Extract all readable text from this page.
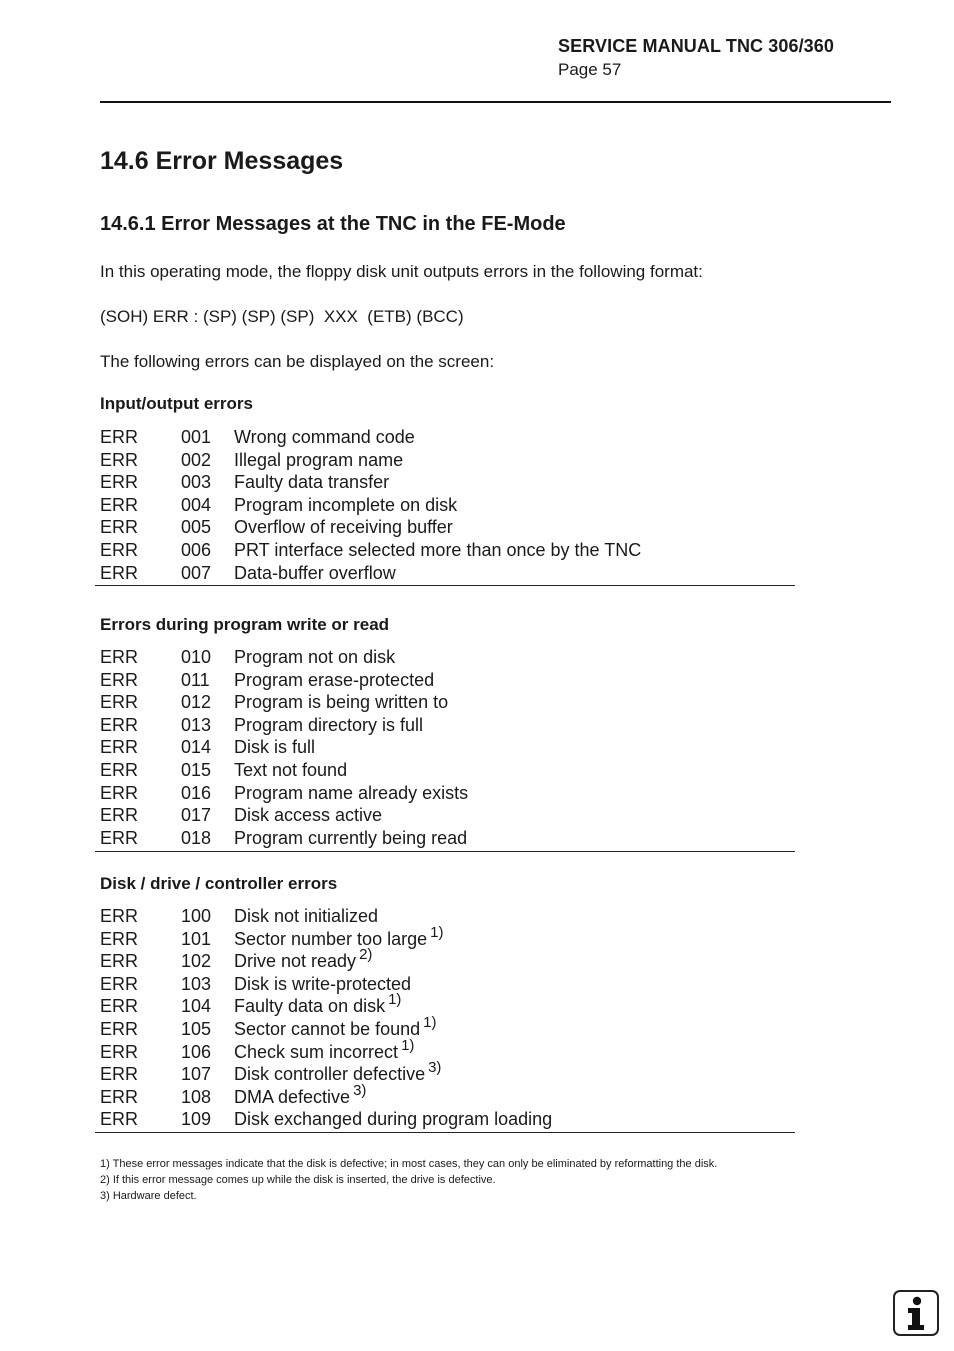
SERVICE MANUAL TNC 306/360
Page 57
14.6 Error Messages
14.6.1 Error Messages at the TNC in the FE-Mode
In this operating mode, the floppy disk unit outputs errors in the following format:
(SOH) ERR : (SP) (SP) (SP)  XXX  (ETB) (BCC)
The following errors can be displayed on the screen:
Input/output errors
ERR 001 Wrong command code
ERR 002 Illegal program name
ERR 003 Faulty data transfer
ERR 004 Program incomplete on disk
ERR 005 Overflow of receiving buffer
ERR 006 PRT interface selected more than once by the TNC
ERR 007 Data-buffer overflow
Errors during program write or read
ERR 010 Program not on disk
ERR 011 Program erase-protected
ERR 012 Program is being written to
ERR 013 Program directory is full
ERR 014 Disk is full
ERR 015 Text not found
ERR 016 Program name already exists
ERR 017 Disk access active
ERR 018 Program currently being read
Disk / drive / controller errors
ERR 100 Disk not initialized
ERR 101 Sector number too large $^{1)}$
ERR 102 Drive not ready $^{2)}$
ERR 103 Disk is write-protected
ERR 104 Faulty data on disk $^{1)}$
ERR 105 Sector cannot be found $^{1)}$
ERR 106 Check sum incorrect $^{1)}$
ERR 107 Disk controller defective $^{3)}$
ERR 108 DMA defective $^{3)}$
ERR 109 Disk exchanged during program loading
1) These error messages indicate that the disk is defective; in most cases, they can only be eliminated by reformatting the disk.
2) If this error message comes up while the disk is inserted, the drive is defective.
3) Hardware defect.
